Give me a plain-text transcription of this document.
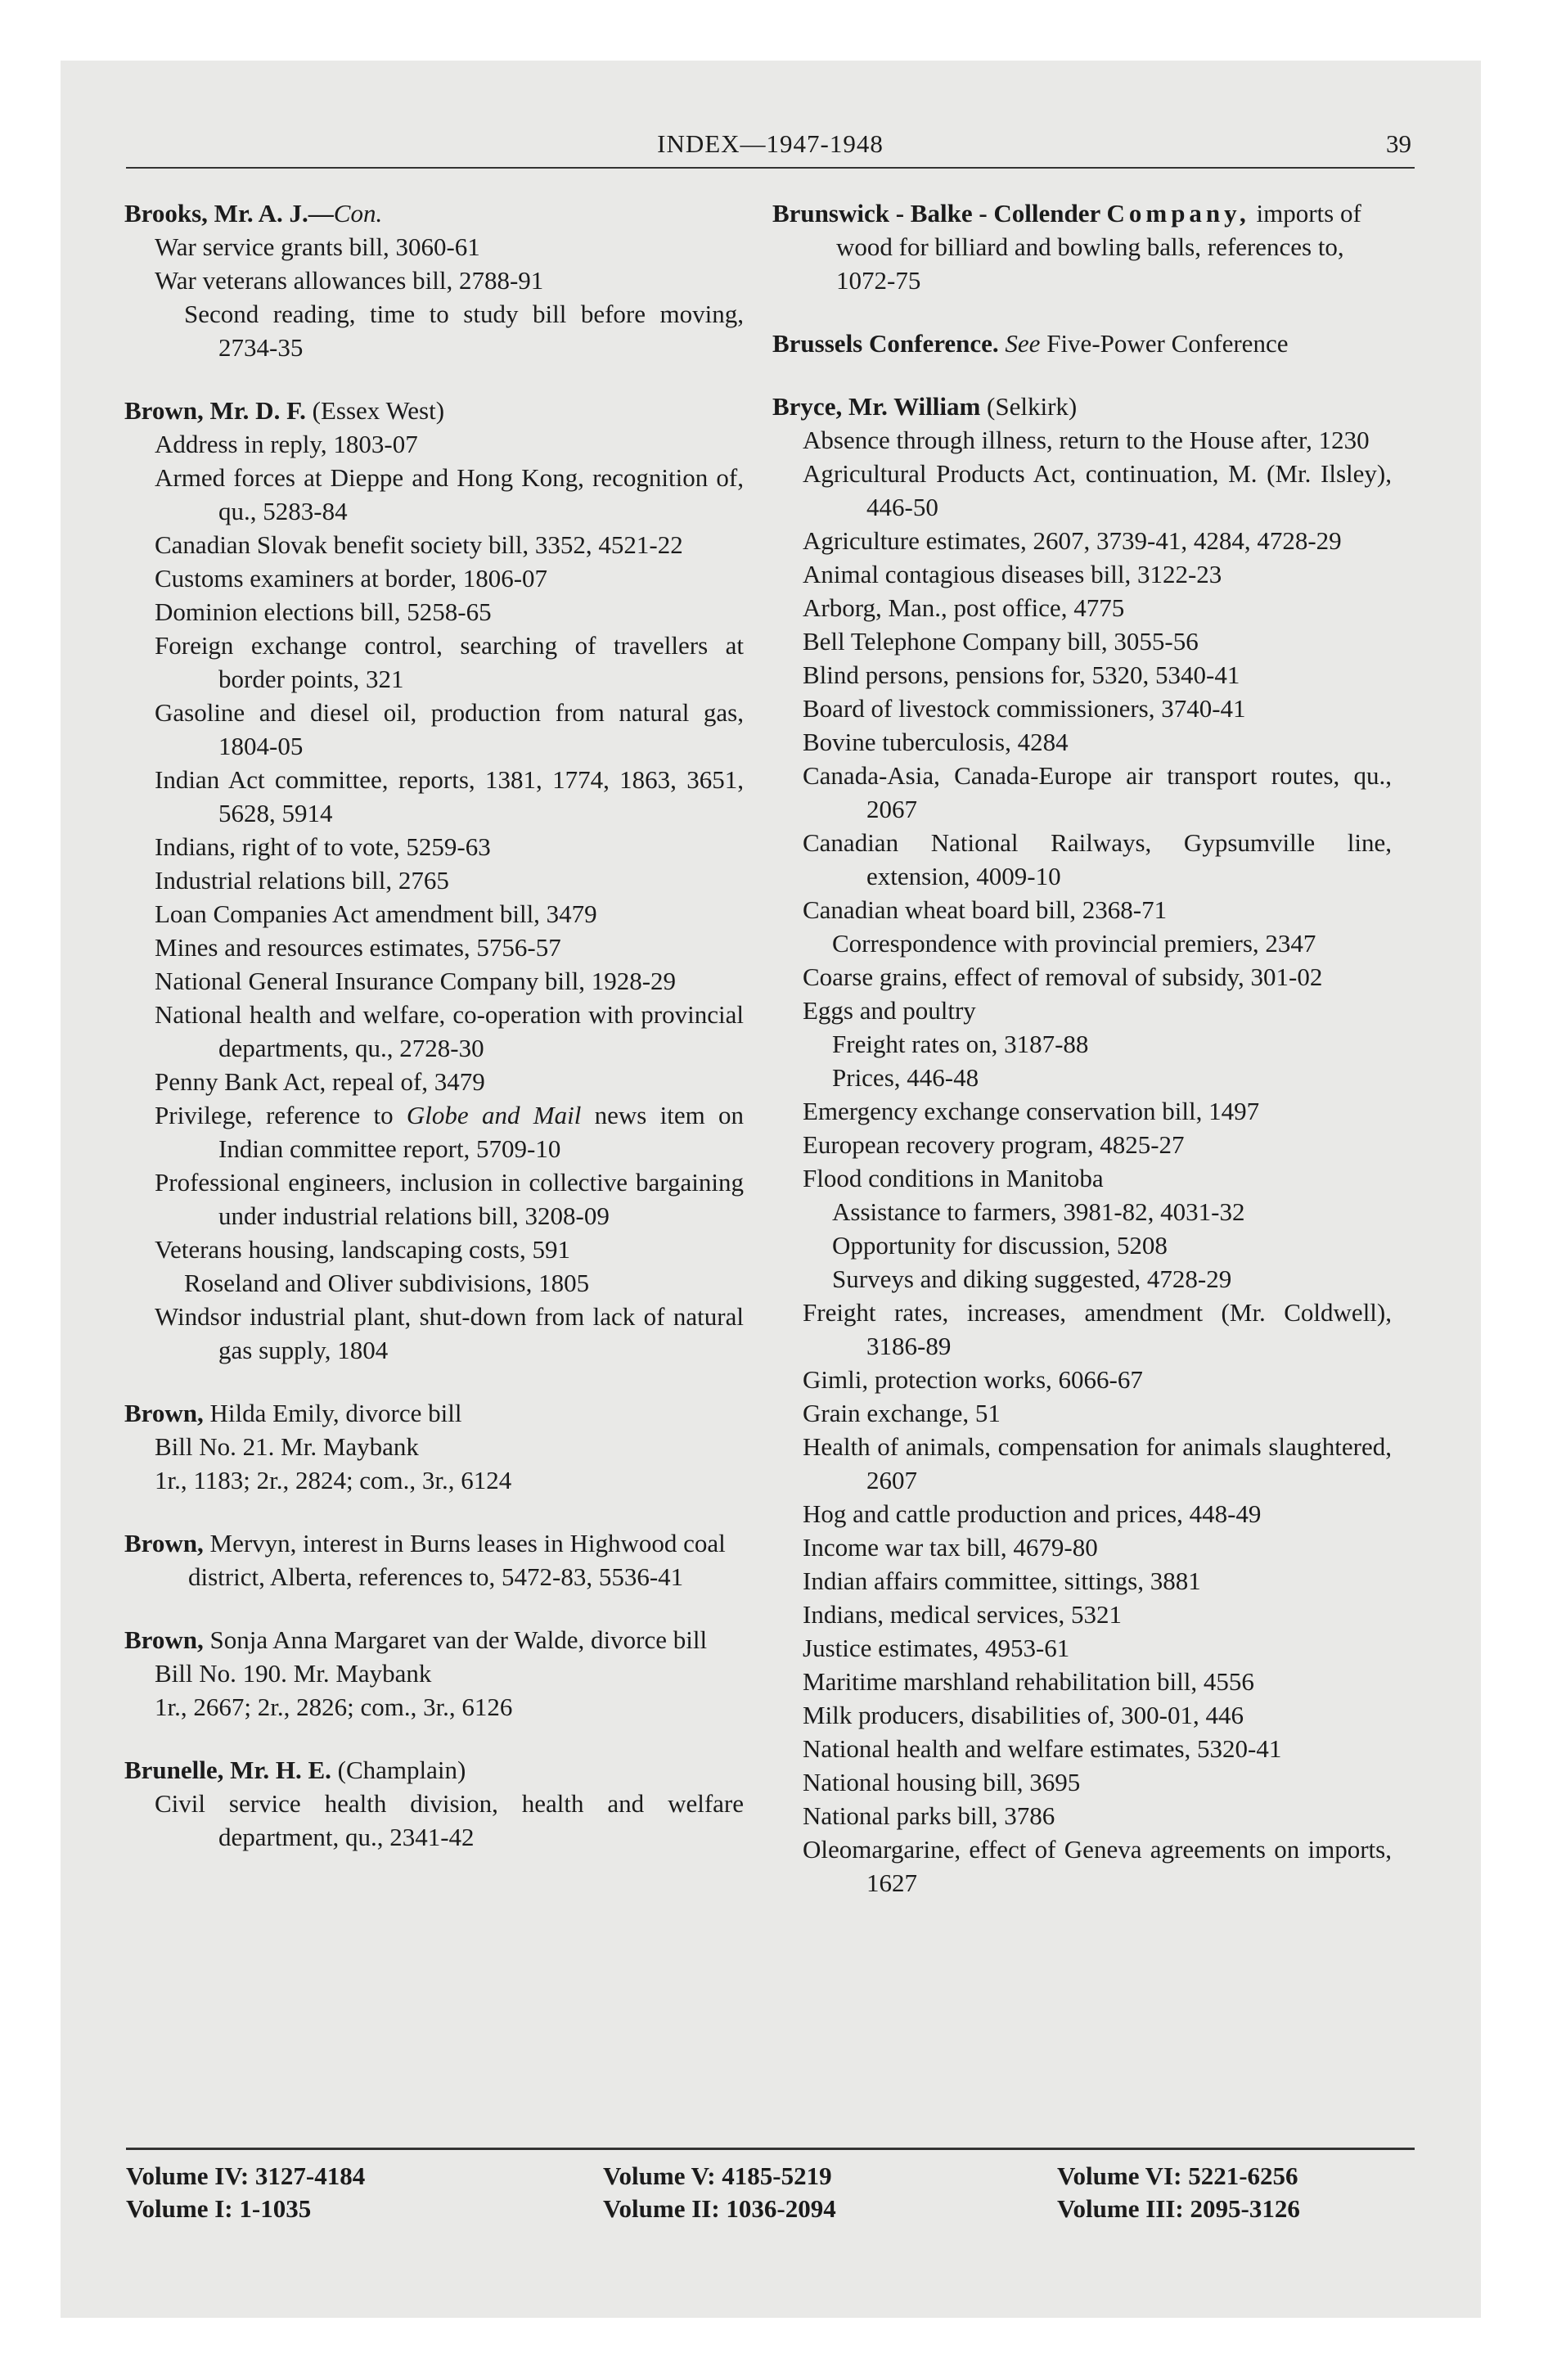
INDEX—1947-1948	39
Brooks, Mr. A. J.—Con.
War service grants bill, 3060-61
War veterans allowances bill, 2788-91
Second reading, time to study bill before moving, 2734-35
Brown, Mr. D. F. (Essex West)
Address in reply, 1803-07
Armed forces at Dieppe and Hong Kong, recognition of, qu., 5283-84
Canadian Slovak benefit society bill, 3352, 4521-22
Customs examiners at border, 1806-07
Dominion elections bill, 5258-65
Foreign exchange control, searching of travellers at border points, 321
Gasoline and diesel oil, production from natural gas, 1804-05
Indian Act committee, reports, 1381, 1774, 1863, 3651, 5628, 5914
Indians, right of to vote, 5259-63
Industrial relations bill, 2765
Loan Companies Act amendment bill, 3479
Mines and resources estimates, 5756-57
National General Insurance Company bill, 1928-29
National health and welfare, co-operation with provincial departments, qu., 2728-30
Penny Bank Act, repeal of, 3479
Privilege, reference to Globe and Mail news item on Indian committee report, 5709-10
Professional engineers, inclusion in collective bargaining under industrial relations bill, 3208-09
Veterans housing, landscaping costs, 591
Roseland and Oliver subdivisions, 1805
Windsor industrial plant, shut-down from lack of natural gas supply, 1804
Brown, Hilda Emily, divorce bill
Bill No. 21. Mr. Maybank
1r., 1183; 2r., 2824; com., 3r., 6124
Brown, Mervyn, interest in Burns leases in Highwood coal district, Alberta, references to, 5472-83, 5536-41
Brown, Sonja Anna Margaret van der Walde, divorce bill
Bill No. 190. Mr. Maybank
1r., 2667; 2r., 2826; com., 3r., 6126
Brunelle, Mr. H. E. (Champlain)
Civil service health division, health and welfare department, qu., 2341-42
Brunswick - Balke - Collender Company, imports of wood for billiard and bowling balls, references to, 1072-75
Brussels Conference. See Five-Power Conference
Bryce, Mr. William (Selkirk)
Absence through illness, return to the House after, 1230
Agricultural Products Act, continuation, M. (Mr. Ilsley), 446-50
Agriculture estimates, 2607, 3739-41, 4284, 4728-29
Animal contagious diseases bill, 3122-23
Arborg, Man., post office, 4775
Bell Telephone Company bill, 3055-56
Blind persons, pensions for, 5320, 5340-41
Board of livestock commissioners, 3740-41
Bovine tuberculosis, 4284
Canada-Asia, Canada-Europe air transport routes, qu., 2067
Canadian National Railways, Gypsumville line, extension, 4009-10
Canadian wheat board bill, 2368-71
Correspondence with provincial premiers, 2347
Coarse grains, effect of removal of subsidy, 301-02
Eggs and poultry
Freight rates on, 3187-88
Prices, 446-48
Emergency exchange conservation bill, 1497
European recovery program, 4825-27
Flood conditions in Manitoba
Assistance to farmers, 3981-82, 4031-32
Opportunity for discussion, 5208
Surveys and diking suggested, 4728-29
Freight rates, increases, amendment (Mr. Coldwell), 3186-89
Gimli, protection works, 6066-67
Grain exchange, 51
Health of animals, compensation for animals slaughtered, 2607
Hog and cattle production and prices, 448-49
Income war tax bill, 4679-80
Indian affairs committee, sittings, 3881
Indians, medical services, 5321
Justice estimates, 4953-61
Maritime marshland rehabilitation bill, 4556
Milk producers, disabilities of, 300-01, 446
National health and welfare estimates, 5320-41
National housing bill, 3695
National parks bill, 3786
Oleomargarine, effect of Geneva agreements on imports, 1627
Volume IV: 3127-4184
Volume I: 1-1035
Volume V: 4185-5219
Volume II: 1036-2094
Volume VI: 5221-6256
Volume III: 2095-3126
